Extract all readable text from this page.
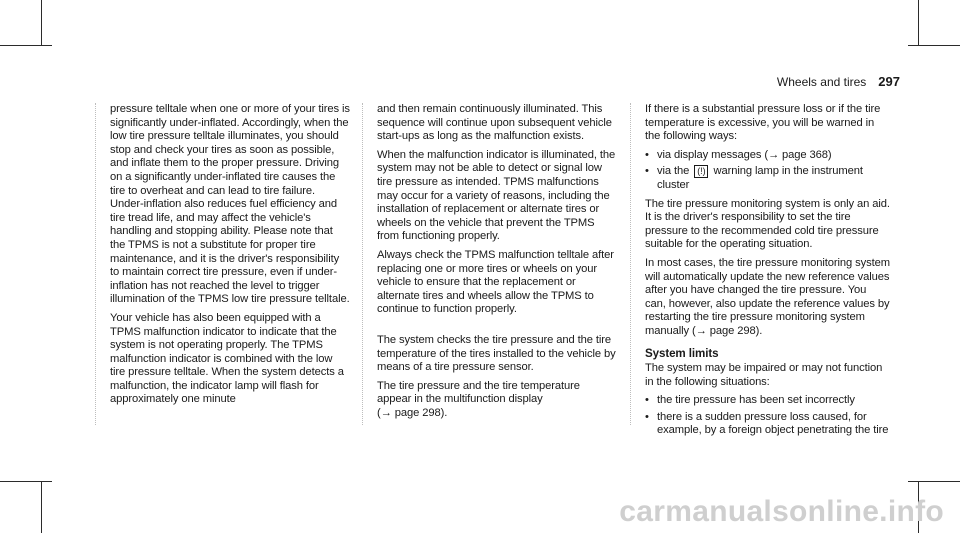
Wheels and tires 297

pressure telltale when one or more of your tires is significantly under-inflated. Accordingly, when the low tire pressure telltale illuminates, you should stop and check your tires as soon as possible, and inflate them to the proper pressure. Driving on a significantly under-inflated tire causes the tire to overheat and can lead to tire failure. Under-inflation also reduces fuel efficiency and tire tread life, and may affect the vehicle's handling and stopping ability. Please note that the TPMS is not a substitute for proper tire maintenance, and it is the driver's responsibility to maintain correct tire pressure, even if under-inflation has not reached the level to trigger illumination of the TPMS low tire pressure telltale.

Your vehicle has also been equipped with a TPMS malfunction indicator to indicate that the system is not operating properly. The TPMS malfunction indicator is combined with the low tire pressure telltale. When the system detects a malfunction, the indicator lamp will flash for approximately one minute

and then remain continuously illuminated. This sequence will continue upon subsequent vehicle start-ups as long as the malfunction exists.

When the malfunction indicator is illuminated, the system may not be able to detect or signal low tire pressure as intended. TPMS malfunctions may occur for a variety of reasons, including the installation of replacement or alternate tires or wheels on the vehicle that prevent the TPMS from functioning properly.

Always check the TPMS malfunction telltale after replacing one or more tires or wheels on your vehicle to ensure that the replacement or alternate tires and wheels allow the TPMS to continue to function properly.

The system checks the tire pressure and the tire temperature of the tires installed to the vehicle by means of a tire pressure sensor.

The tire pressure and the tire temperature appear in the multifunction display
(→ page 298).

If there is a substantial pressure loss or if the tire temperature is excessive, you will be warned in the following ways:

• via display messages (→ page 368)
• via the (!) warning lamp in the instrument cluster

The tire pressure monitoring system is only an aid. It is the driver's responsibility to set the tire pressure to the recommended cold tire pressure suitable for the operating situation.

In most cases, the tire pressure monitoring system will automatically update the new reference values after you have changed the tire pressure. You can, however, also update the reference values by restarting the tire pressure monitoring system manually (→ page 298).

System limits

The system may be impaired or may not function in the following situations:

• the tire pressure has been set incorrectly
• there is a sudden pressure loss caused, for example, by a foreign object penetrating the tire
carmanualsonline.info
